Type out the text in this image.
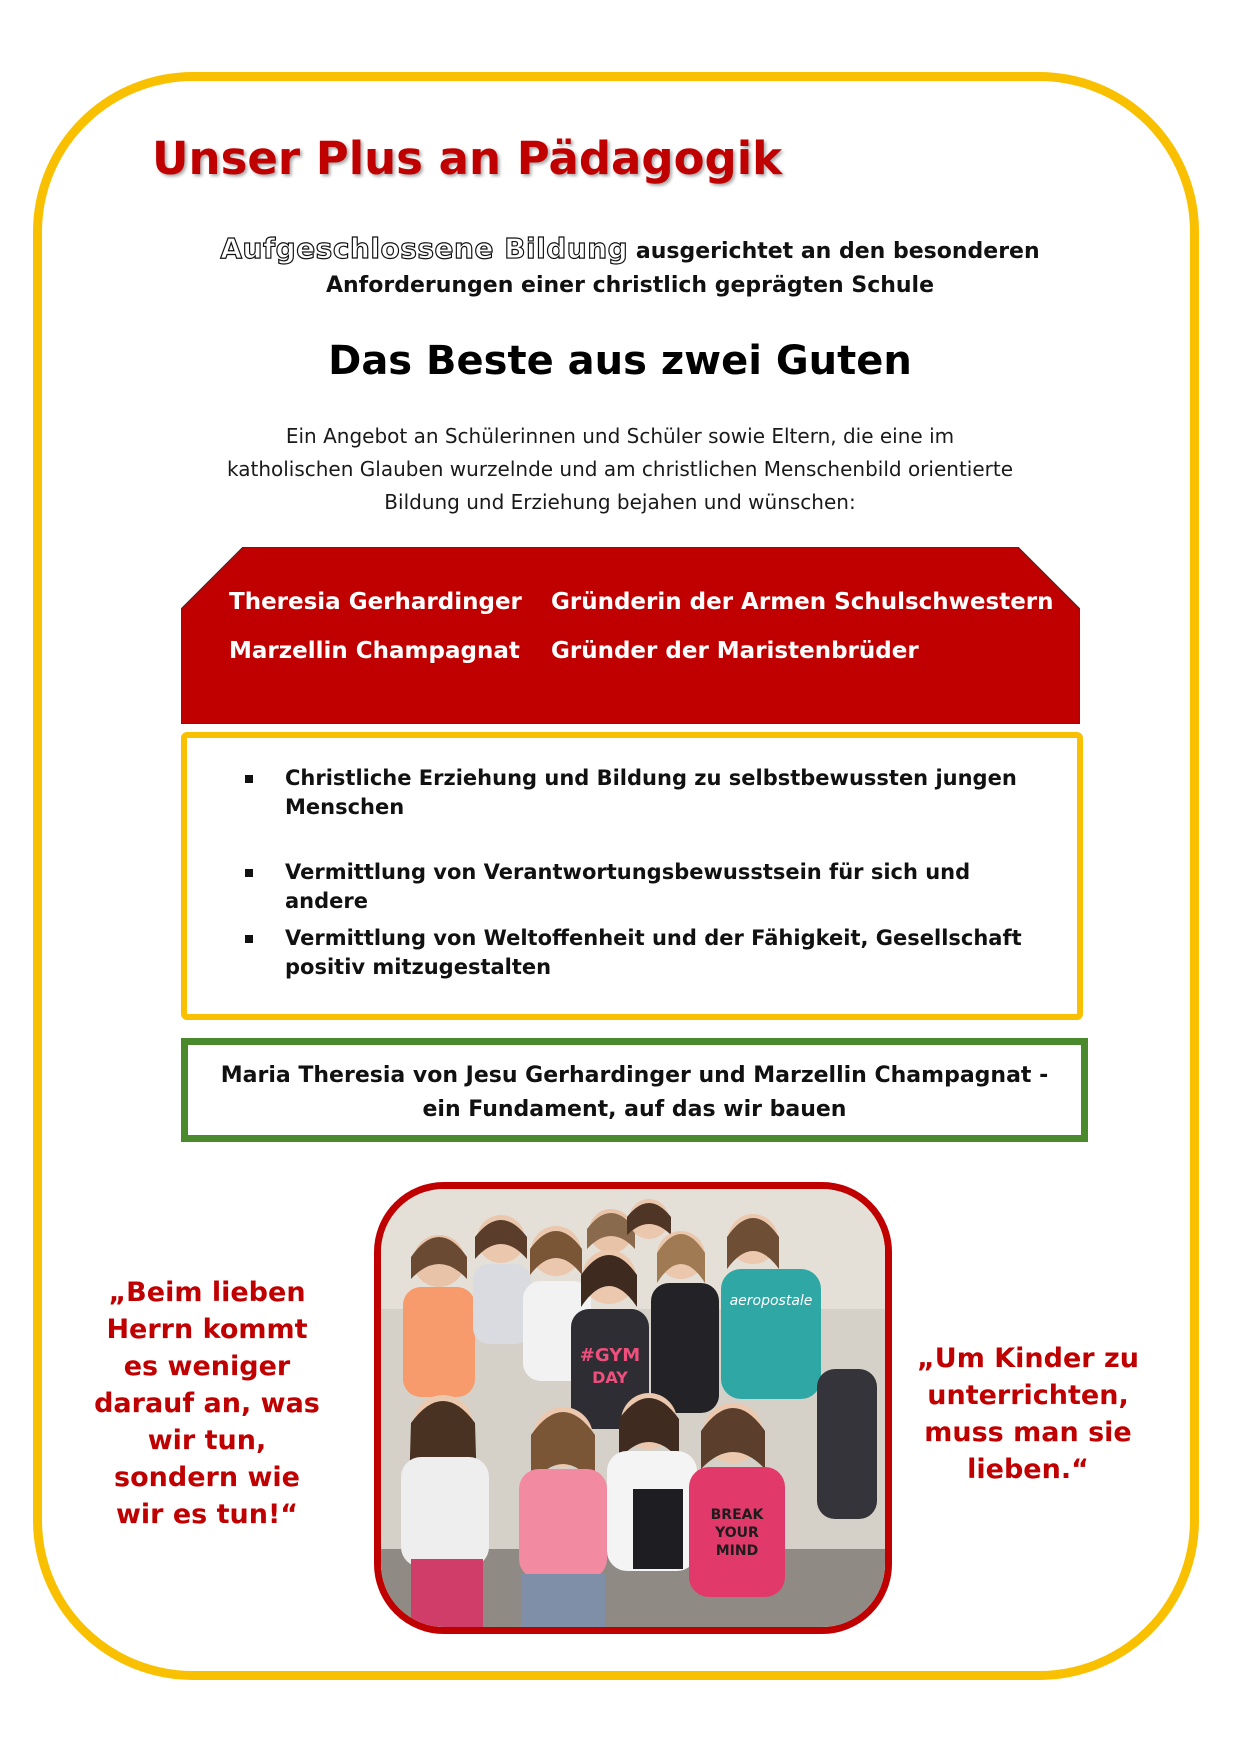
Unser Plus an Pädagogik
Aufgeschlossene Bildung ausgerichtet an den besonderen
Anforderungen einer christlich geprägten Schule
Das Beste aus zwei Guten
Ein Angebot an Schülerinnen und Schüler sowie Eltern, die eine im katholischen Glauben wurzelnde und am christlichen Menschenbild orientierte Bildung und Erziehung bejahen und wünschen:
Theresia Gerhardinger	Gründerin der Armen Schulschwestern
Marzellin Champagnat	Gründer der Maristenbrüder
Christliche Erziehung und Bildung zu selbstbewussten jungen Menschen
Vermittlung von Verantwortungsbewusstsein für sich und andere
Vermittlung von Weltoffenheit und der Fähigkeit, Gesellschaft positiv mitzugestalten
Maria Theresia von Jesu Gerhardinger und Marzellin Champagnat -
ein Fundament, auf das wir bauen
#GYM
DAY
aeropostale
BREAK
YOUR
MIND
„Beim lieben
Herrn kommt
es weniger
darauf an, was
wir tun,
sondern wie
wir es tun!“
„Um Kinder zu
unterrichten,
muss man sie
lieben.“
